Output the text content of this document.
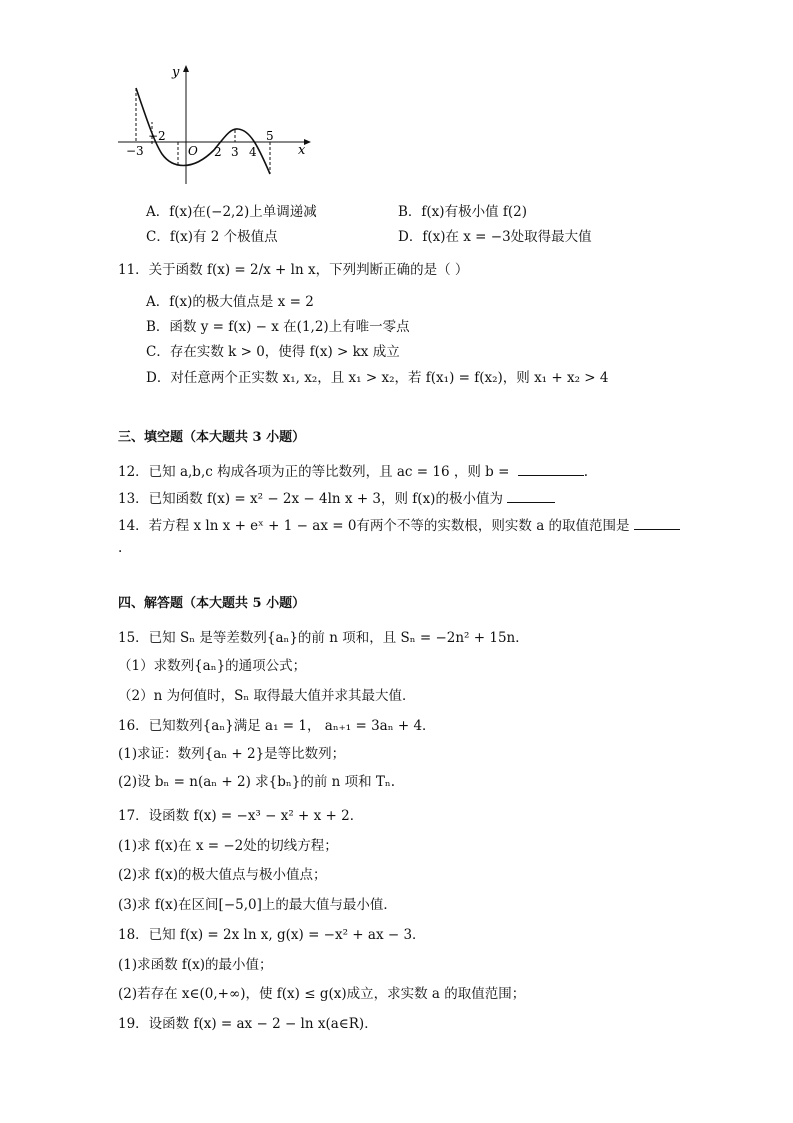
y
x
O
−3
−2
2 3 4
5
A．f(x)在(−2,2)上单调递减	B．f(x)有极小值 f(2)
C．f(x)有 2 个极值点	D．f(x)在 x = −3处取得最大值
11．关于函数 f(x) = 2/x + ln x，下列判断正确的是（ ）
A．f(x)的极大值点是 x = 2
B．函数 y = f(x) − x 在(1,2)上有唯一零点
C．存在实数 k > 0，使得 f(x) > kx 成立
D．对任意两个正实数 x₁, x₂，且 x₁ > x₂，若 f(x₁) = f(x₂)，则 x₁ + x₂ > 4
三、填空题（本大题共 3 小题）
12．已知 a,b,c 构成各项为正的等比数列，且 ac = 16 ，则 b =	.
13．已知函数 f(x) = x² − 2x − 4ln x + 3，则 f(x)的极小值为
14．若方程 x ln x + eˣ + 1 − ax = 0有两个不等的实数根，则实数 a 的取值范围是
.
四、解答题（本大题共 5 小题）
15．已知 Sₙ 是等差数列{aₙ}的前 n 项和，且 Sₙ = −2n² + 15n．
（1）求数列{aₙ}的通项公式；
（2）n 为何值时，Sₙ 取得最大值并求其最大值．
16．已知数列{aₙ}满足 a₁ = 1， aₙ₊₁ = 3aₙ + 4．
(1)求证：数列{aₙ + 2}是等比数列；
(2)设 bₙ = n(aₙ + 2) 求{bₙ}的前 n 项和 Tₙ.
17．设函数 f(x) = −x³ − x² + x + 2．
(1)求 f(x)在 x = −2处的切线方程；
(2)求 f(x)的极大值点与极小值点；
(3)求 f(x)在区间[−5,0]上的最大值与最小值．
18．已知 f(x) = 2x ln x, g(x) = −x² + ax − 3．
(1)求函数 f(x)的最小值；
(2)若存在 x∈(0,+∞)，使 f(x) ≤ g(x)成立，求实数 a 的取值范围；
19．设函数 f(x) = ax − 2 − ln x(a∈R)．
